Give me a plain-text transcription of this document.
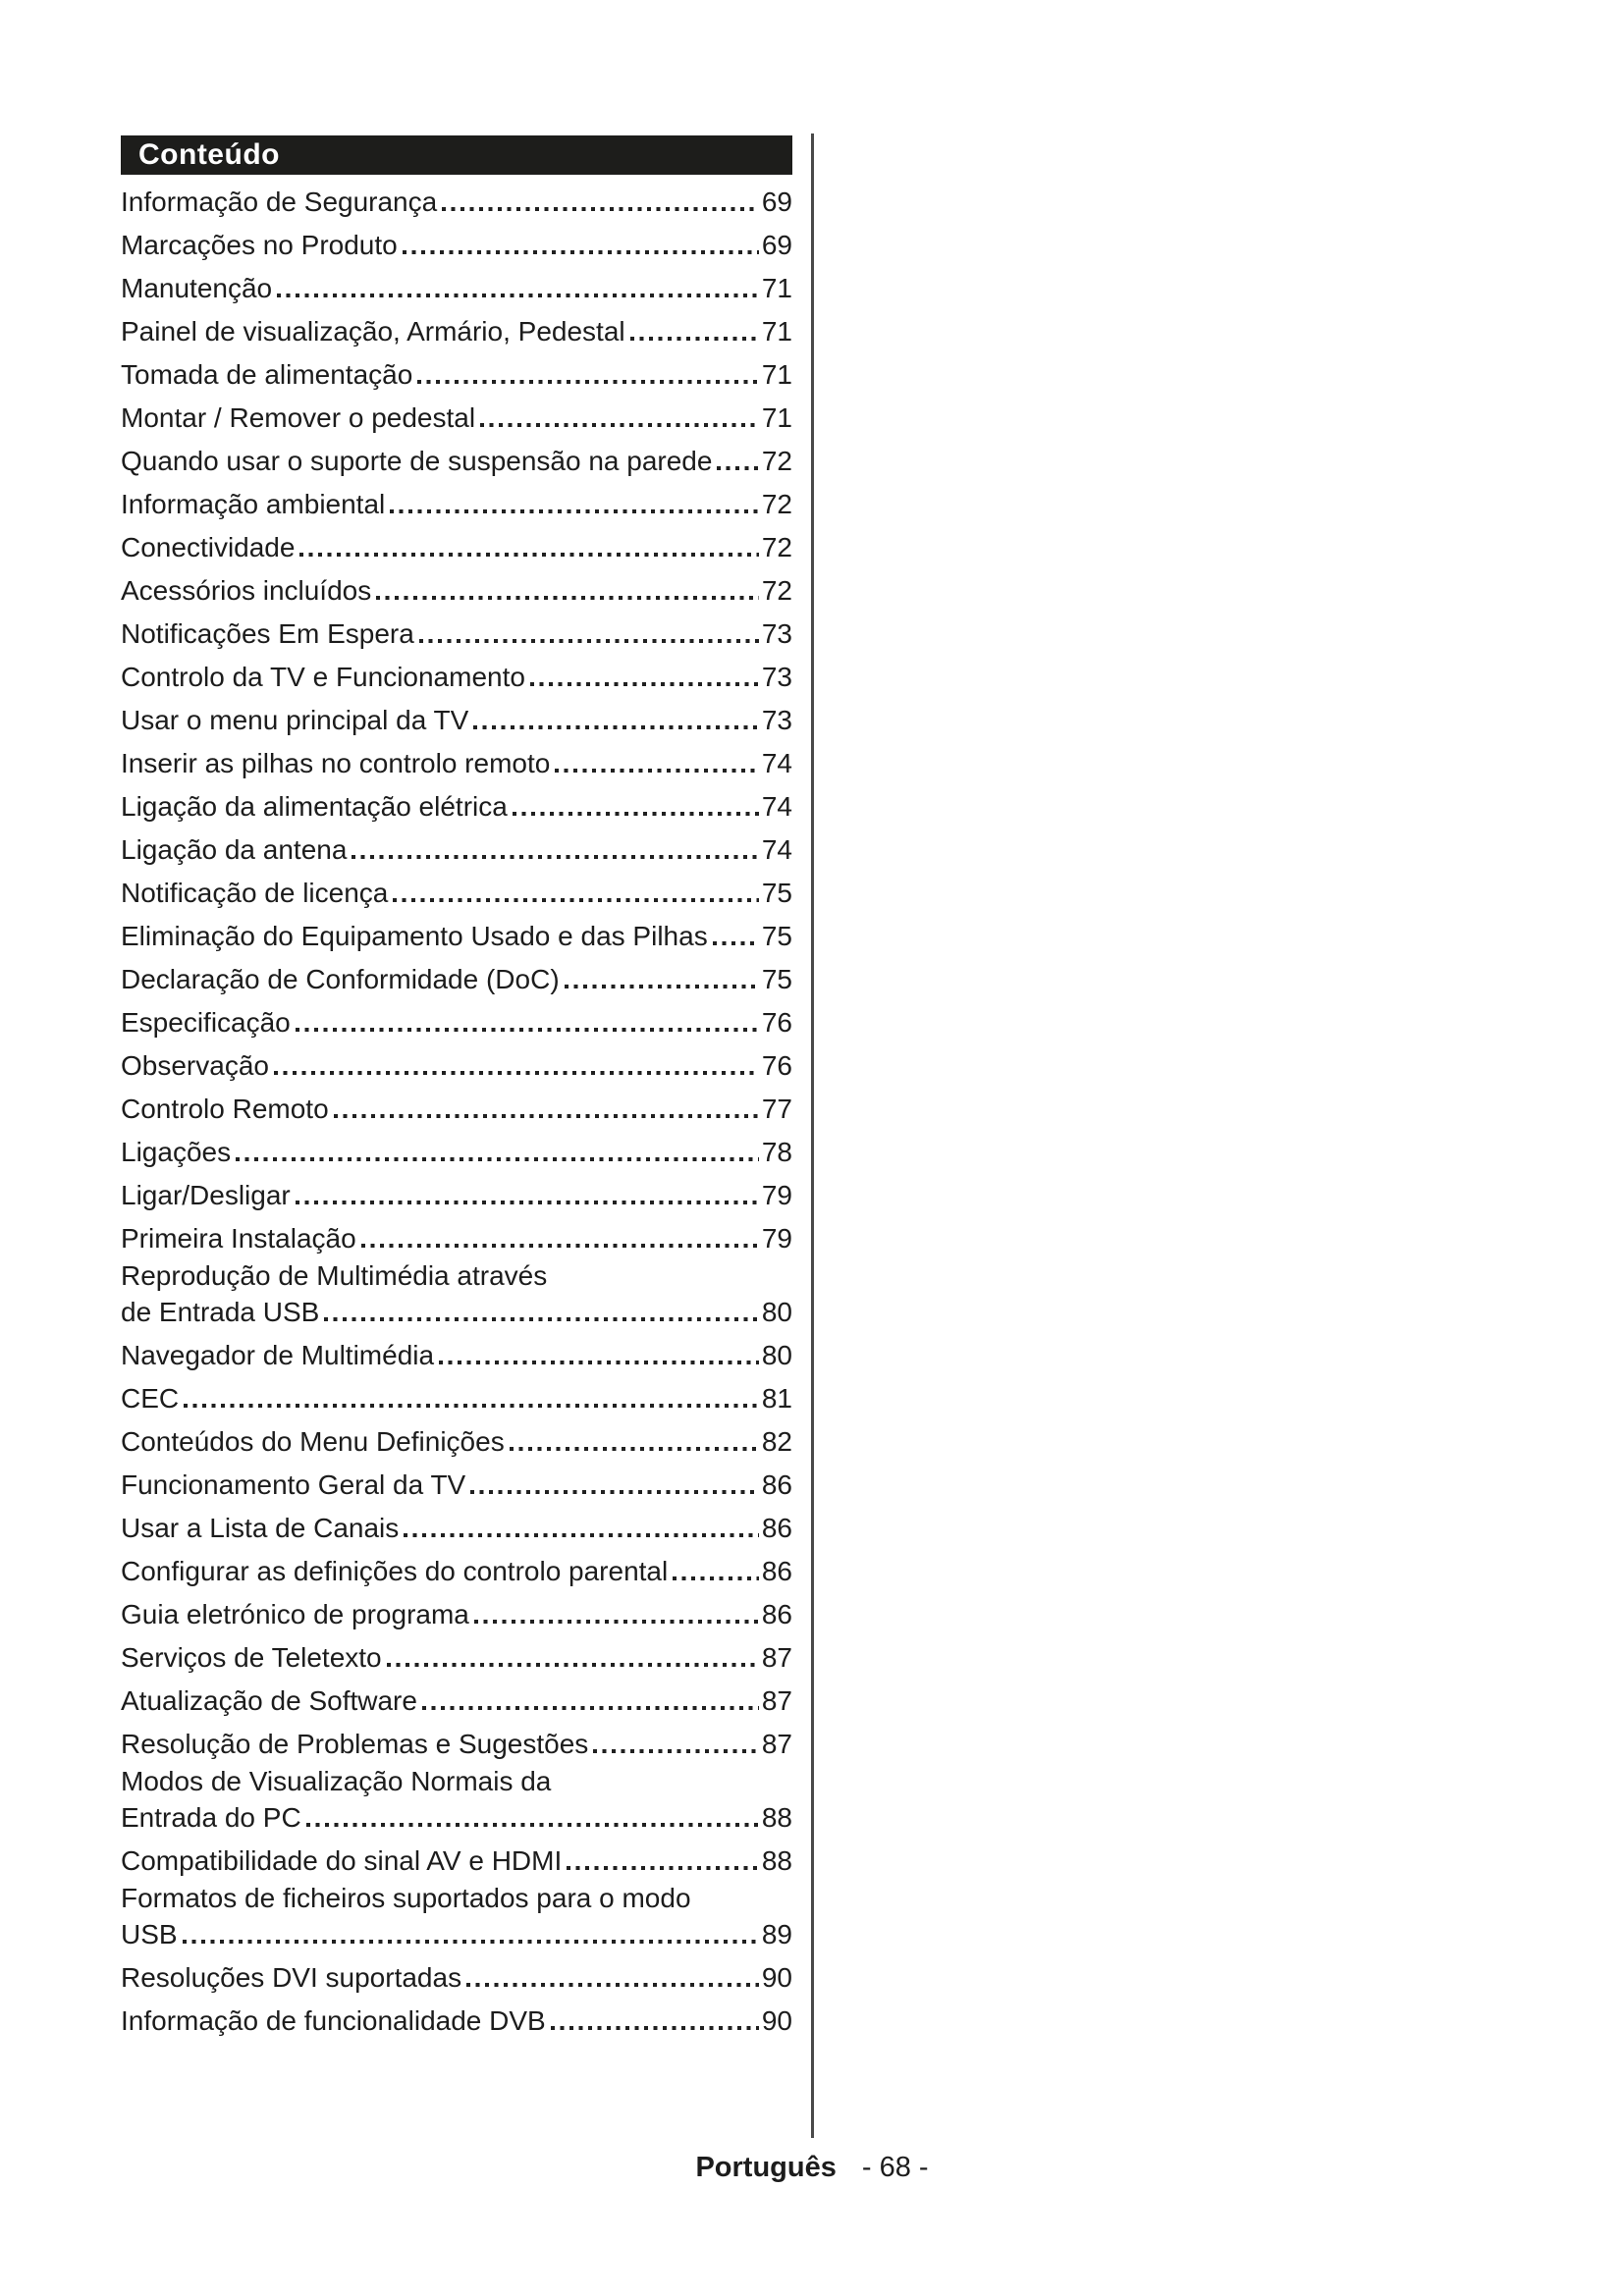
Conteúdo
Informação de Segurança	69
Marcações no Produto	69
Manutenção	71
Painel de visualização, Armário, Pedestal	71
Tomada de alimentação	71
Montar / Remover o pedestal	71
Quando usar o suporte de suspensão na parede 72
Informação ambiental	72
Conectividade	72
Acessórios incluídos	72
Notificações Em Espera	73
Controlo da TV e Funcionamento	73
Usar o menu principal da TV	73
Inserir as pilhas no controlo remoto	74
Ligação da alimentação elétrica	74
Ligação da antena	74
Notificação de licença	75
Eliminação do Equipamento Usado e das Pilhas 75
Declaração de Conformidade (DoC)	75
Especificação	76
Observação	76
Controlo Remoto	77
Ligações	78
Ligar/Desligar	79
Primeira Instalação	79
Reprodução de Multimédia através
de Entrada USB	80
Navegador de Multimédia	80
CEC	81
Conteúdos do Menu Definições	82
Funcionamento Geral da TV	86
Usar a Lista de Canais	86
Configurar as definições do controlo parental	86
Guia eletrónico de programa	86
Serviços de Teletexto	87
Atualização de Software	87
Resolução de Problemas e Sugestões	87
Modos de Visualização Normais da
Entrada do PC	88
Compatibilidade do sinal AV e HDMI	88
Formatos de ficheiros suportados para o modo
USB	89
Resoluções DVI suportadas	90
Informação de funcionalidade DVB	90
Português - 68 -
